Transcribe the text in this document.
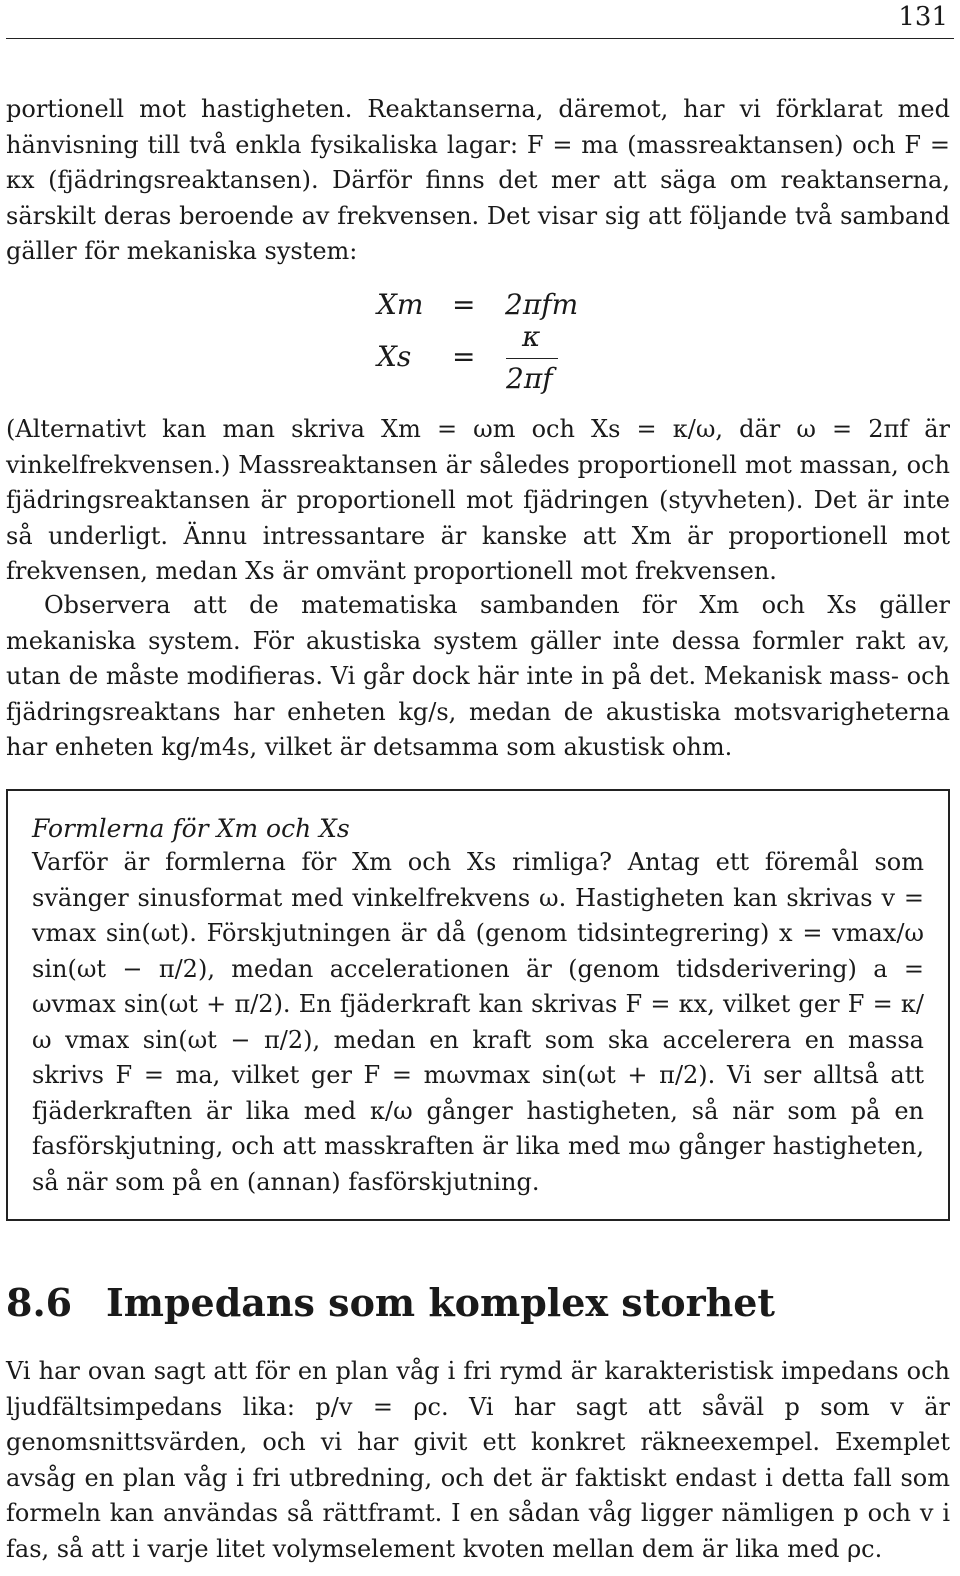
131

portionell mot hastigheten. Reaktanserna, däremot, har vi förklarat med hänvisning till två enkla fysikaliska lagar: F = ma (massreaktansen) och F = κx (fjädringsreaktansen). Därför finns det mer att säga om reaktanserna, särskilt deras beroende av frekvensen. Det visar sig att följande två samband gäller för mekaniska system:

Xm = 2πfm
Xs =
κ
2πf

(Alternativt kan man skriva Xm = ωm och Xs = κ/ω, där ω = 2πf är vinkelfrekvensen.) Massreaktansen är således proportionell mot massan, och fjädringsreaktansen är proportionell mot fjädringen (styvheten). Det är inte så underligt. Ännu intressantare är kanske att Xm är proportionell mot frekvensen, medan Xs är omvänt proportionell mot frekvensen.

Observera att de matematiska sambanden för Xm och Xs gäller mekaniska system. För akustiska system gäller inte dessa formler rakt av, utan de måste modifieras. Vi går dock här inte in på det. Mekanisk mass- och fjädringsreaktans har enheten kg/s, medan de akustiska motsvarigheterna har enheten kg/m4s, vilket är detsamma som akustisk ohm.

Formlerna för Xm och Xs

Varför är formlerna för Xm och Xs rimliga? Antag ett föremål som svänger sinusformat med vinkelfrekvens ω. Hastigheten kan skrivas v = vmax sin(ωt). Förskjutningen är då (genom tidsintegrering) x = vmax/ω sin(ωt − π/2), medan accelerationen är (genom tidsderivering) a = ωvmax sin(ωt + π/2). En fjäderkraft kan skrivas F = κx, vilket ger F = κ/ω vmax sin(ωt − π/2), medan en kraft som ska accelerera en massa skrivs F = ma, vilket ger F = mωvmax sin(ωt + π/2). Vi ser alltså att fjäderkraften är lika med κ/ω gånger hastigheten, så när som på en fasförskjutning, och att masskraften är lika med mω gånger hastigheten, så när som på en (annan) fasförskjutning.

8.6 Impedans som komplex storhet

Vi har ovan sagt att för en plan våg i fri rymd är karakteristisk impedans och ljudfältsimpedans lika: p/v = ρc. Vi har sagt att såväl p som v är genomsnittsvärden, och vi har givit ett konkret räkneexempel. Exemplet avsåg en plan våg i fri utbredning, och det är faktiskt endast i detta fall som formeln kan användas så rättframt. I en sådan våg ligger nämligen p och v i fas, så att i varje litet volymselement kvoten mellan dem är lika med ρc.
